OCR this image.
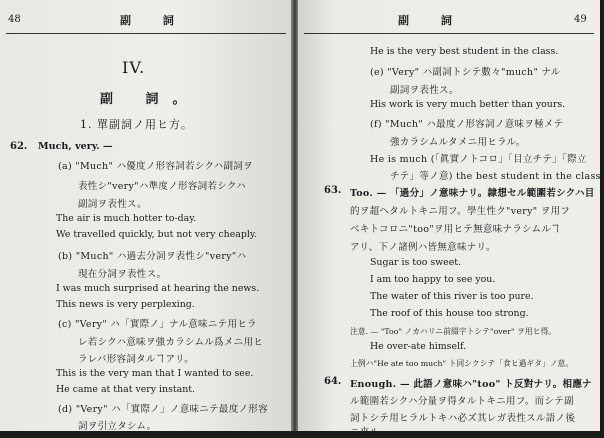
48	副 詞
IV.
副 詞。
1. 單副詞ノ用ヒ方。
62. Much, very. —
(a) "Much" ハ優度ノ形容詞若シクハ副詞ヲ
表性シ"very"ハ準度ノ形容詞若シクハ
副詞ヲ表性ス。
The air is much hotter to-day.
We travelled quickly, but not very cheaply.
(b) "Much" ハ過去分詞ヲ表性シ"very"ハ
現在分詞ヲ表性ス。
I was much surprised at hearing the news.
This news is very perplexing.
(c) "Very" ハ「實際ノ」ナル意味ニテ用ヒラ
レ若シクハ意味ヲ強カラシムル爲メニ用ヒ
ラレバ形容詞タルヿアリ。
This is the very man that I wanted to see.
He came at that very instant.
(d) "Very" ハ「實際ノ」ノ意味ニテ最度ノ形容
詞ヲ引立タシム。
副 詞	49
He is the very best student in the class.
(e) "Very" ハ副詞トシテ數々"much" ナル
副詞ヲ表性ス。
His work is very much better than yours.
(f) "Much" ハ最度ノ形容詞ノ意味ヲ極メテ
強カラシムルタメニ用ヒラル。
He is much (「眞實ノトコロ」「目立チテ」「際立
チテ」等ノ意) the best student in the class.
63. Too. — 「過分」ノ意味ナリ。隷想セル範圍若シクハ目
的ヲ超ヘタルトキニ用フ。學生性ク"very" ヲ用フ
ベキトコロニ"too"ヲ用ヒテ無意味ナラシムルヿ
アリ、下ノ諸例ハ皆無意味ナリ。
Sugar is too sweet.
I am too happy to see you.
The water of this river is too pure.
The roof of this house too strong.
注意. — "Too" ノカハリニ前綴字トシテ"over" ヲ用ヒ得。
He over-ate himself.
上例ハ"He ate too much" ト同シクシテ「食ヒ過ギタ」ノ意。
64. Enough. — 此語ノ意味ハ"too" ト反對ナリ。相應ナ
ル範圍若シクハ分量ヲ得タルトキニ用フ。而シテ副
詞トシテ用ヒラルトキハ必ズ其レガ表性スル語ノ後
ニ來ル。
